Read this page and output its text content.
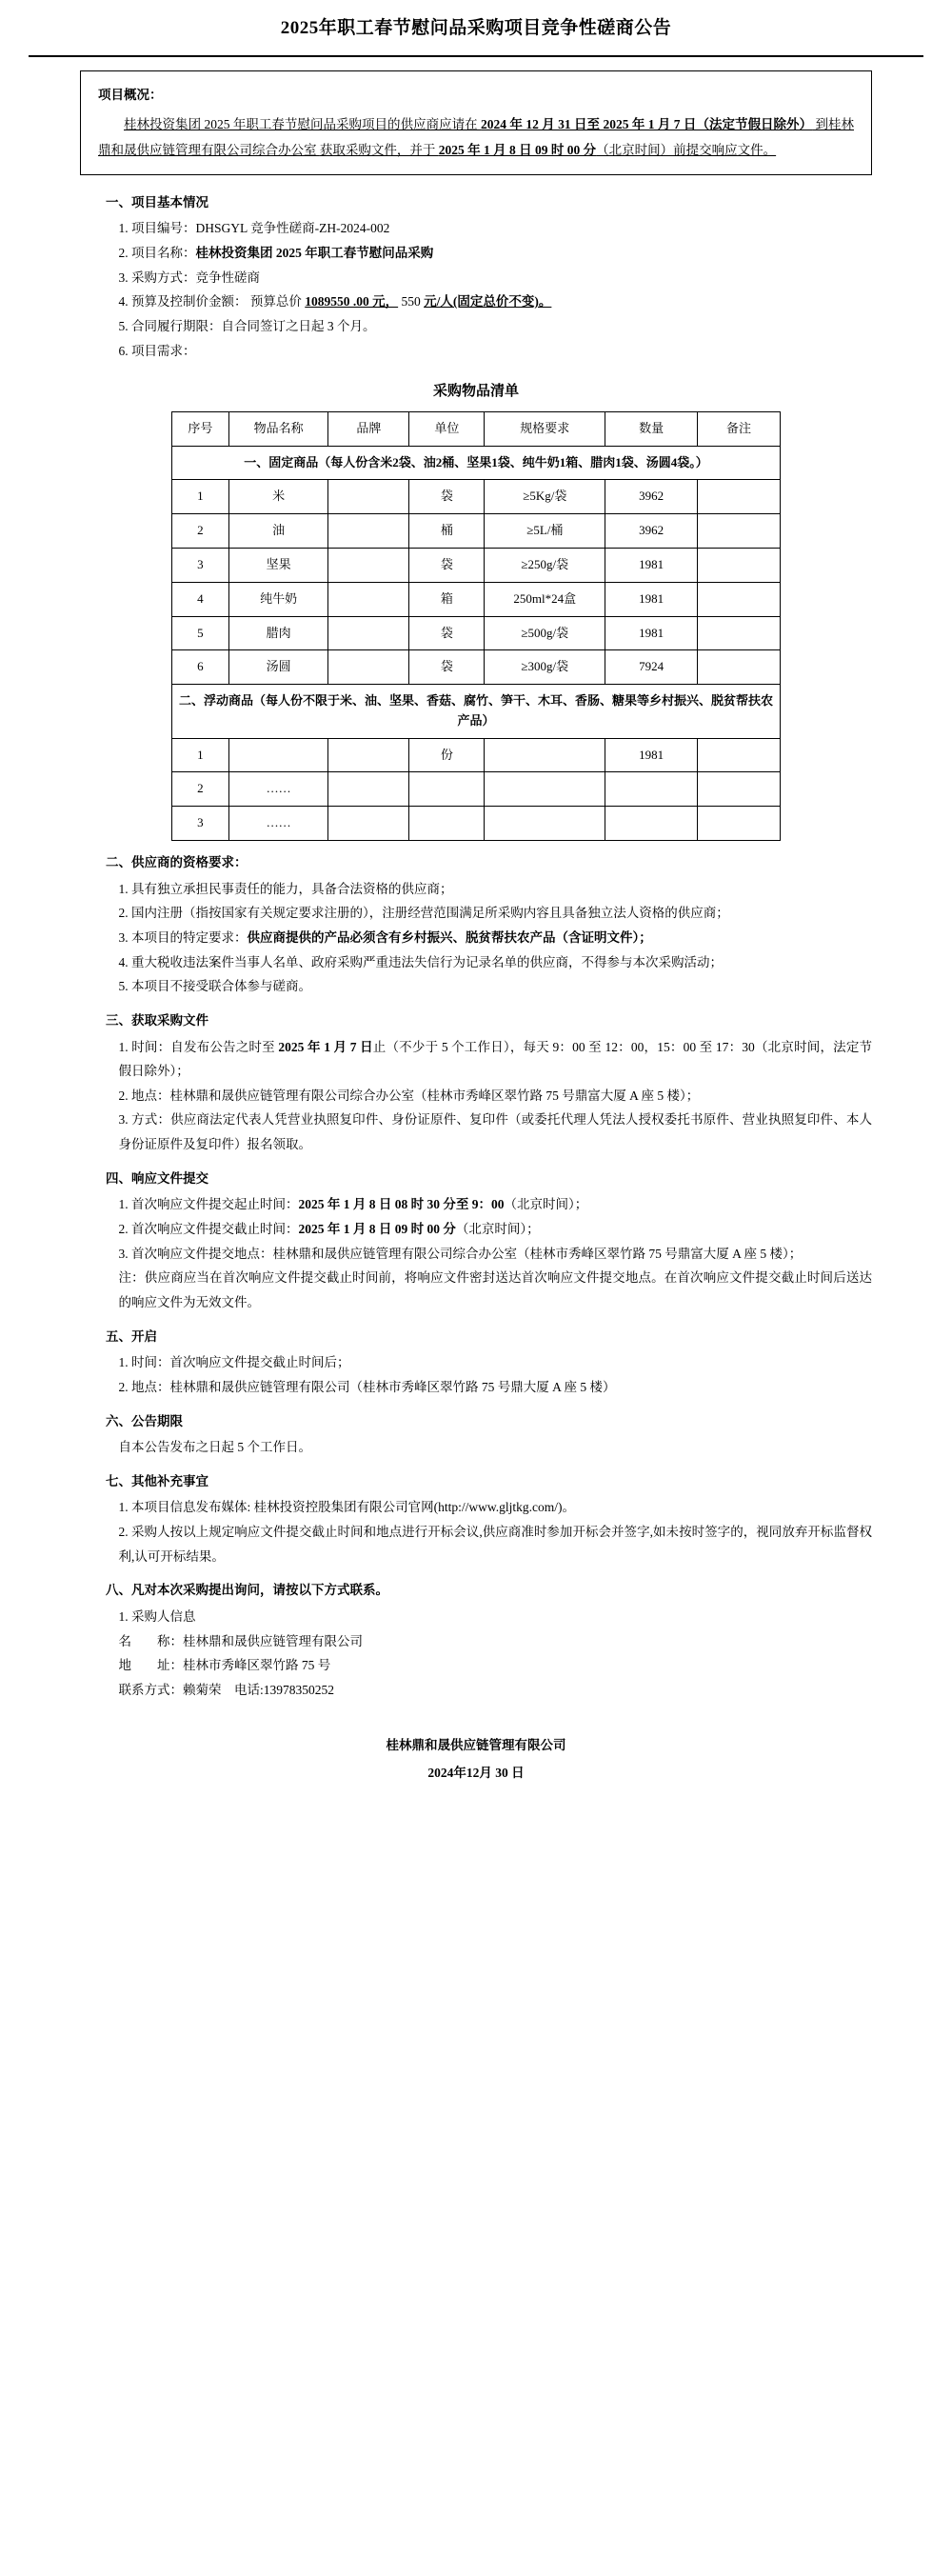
2025年职工春节慰问品采购项目竞争性磋商公告
项目概况：
桂林投资集团 2025 年职工春节慰问品采购项目的供应商应请在 2024 年 12 月 31 日至 2025 年 1 月 7 日（法定节假日除外） 到桂林鼎和晟供应链管理有限公司综合办公室 获取采购文件，并于 2025 年 1 月 8 日 09 时 00 分（北京时间）前提交响应文件。
一、项目基本情况
1. 项目编号：DHSGYL 竞争性磋商-ZH-2024-002
2. 项目名称：桂林投资集团 2025 年职工春节慰问品采购
3. 采购方式：竞争性磋商
4. 预算及控制价金额： 预算总价 1089550 .00 元， 550 元/人(固定总价不变)。
5. 合同履行期限：自合同签订之日起 3 个月。
6. 项目需求：
采购物品清单
序号	物品名称	品牌	单位	规格要求	数量	备注
一、固定商品（每人份含米2袋、油2桶、坚果1袋、纯牛奶1箱、腊肉1袋、汤圆4袋。）						
1	米		袋	≥5Kg/袋	3962	
2	油		桶	≥5L/桶	3962	
3	坚果		袋	≥250g/袋	1981	
4	纯牛奶		箱	250ml*24盒	1981	
5	腊肉		袋	≥500g/袋	1981	
6	汤圆		袋	≥300g/袋	7924	
二、浮动商品（每人份不限于米、油、坚果、香菇、腐竹、笋干、木耳、香肠、糖果等乡村振兴、脱贫帮扶农产品）						
1			份		1981	
2	……					
3	……					
二、供应商的资格要求：
1. 具有独立承担民事责任的能力，具备合法资格的供应商；
2. 国内注册（指按国家有关规定要求注册的），注册经营范围满足所采购内容且具备独立法人资格的供应商；
3. 本项目的特定要求：供应商提供的产品必须含有乡村振兴、脱贫帮扶农产品（含证明文件）；
4. 重大税收违法案件当事人名单、政府采购严重违法失信行为记录名单的供应商，不得参与本次采购活动；
5. 本项目不接受联合体参与磋商。
三、获取采购文件
1. 时间：自发布公告之时至 2025 年 1 月 7 日止（不少于 5 个工作日），每天 9：00 至 12：00，15：00 至 17：30（北京时间，法定节假日除外）；
2. 地点：桂林鼎和晟供应链管理有限公司综合办公室（桂林市秀峰区翠竹路 75 号鼎富大厦 A 座 5 楼）；
3. 方式：供应商法定代表人凭营业执照复印件、身份证原件、复印件（或委托代理人凭法人授权委托书原件、营业执照复印件、本人身份证原件及复印件）报名领取。
四、响应文件提交
1. 首次响应文件提交起止时间：2025 年 1 月 8 日 08 时 30 分至 9：00（北京时间）；
2. 首次响应文件提交截止时间：2025 年 1 月 8 日 09 时 00 分（北京时间）；
3. 首次响应文件提交地点：桂林鼎和晟供应链管理有限公司综合办公室（桂林市秀峰区翠竹路 75 号鼎富大厦 A 座 5 楼）；
注：供应商应当在首次响应文件提交截止时间前，将响应文件密封送达首次响应文件提交地点。在首次响应文件提交截止时间后送达的响应文件为无效文件。
五、开启
1. 时间：首次响应文件提交截止时间后；
2. 地点：桂林鼎和晟供应链管理有限公司（桂林市秀峰区翠竹路 75 号鼎大厦 A 座 5 楼）
六、公告期限
自本公告发布之日起 5 个工作日。
七、其他补充事宜
1. 本项目信息发布媒体: 桂林投资控股集团有限公司官网(http://www.gljtkg.com/)。
2. 采购人按以上规定响应文件提交截止时间和地点进行开标会议,供应商准时参加开标会并签字,如未按时签字的，视同放弃开标监督权利,认可开标结果。
八、凡对本次采购提出询问，请按以下方式联系。
1. 采购人信息
名　　称：桂林鼎和晟供应链管理有限公司
地　　址：桂林市秀峰区翠竹路 75 号
联系方式：赖菊荣　电话:13978350252
桂林鼎和晟供应链管理有限公司
2024年12月 30 日
